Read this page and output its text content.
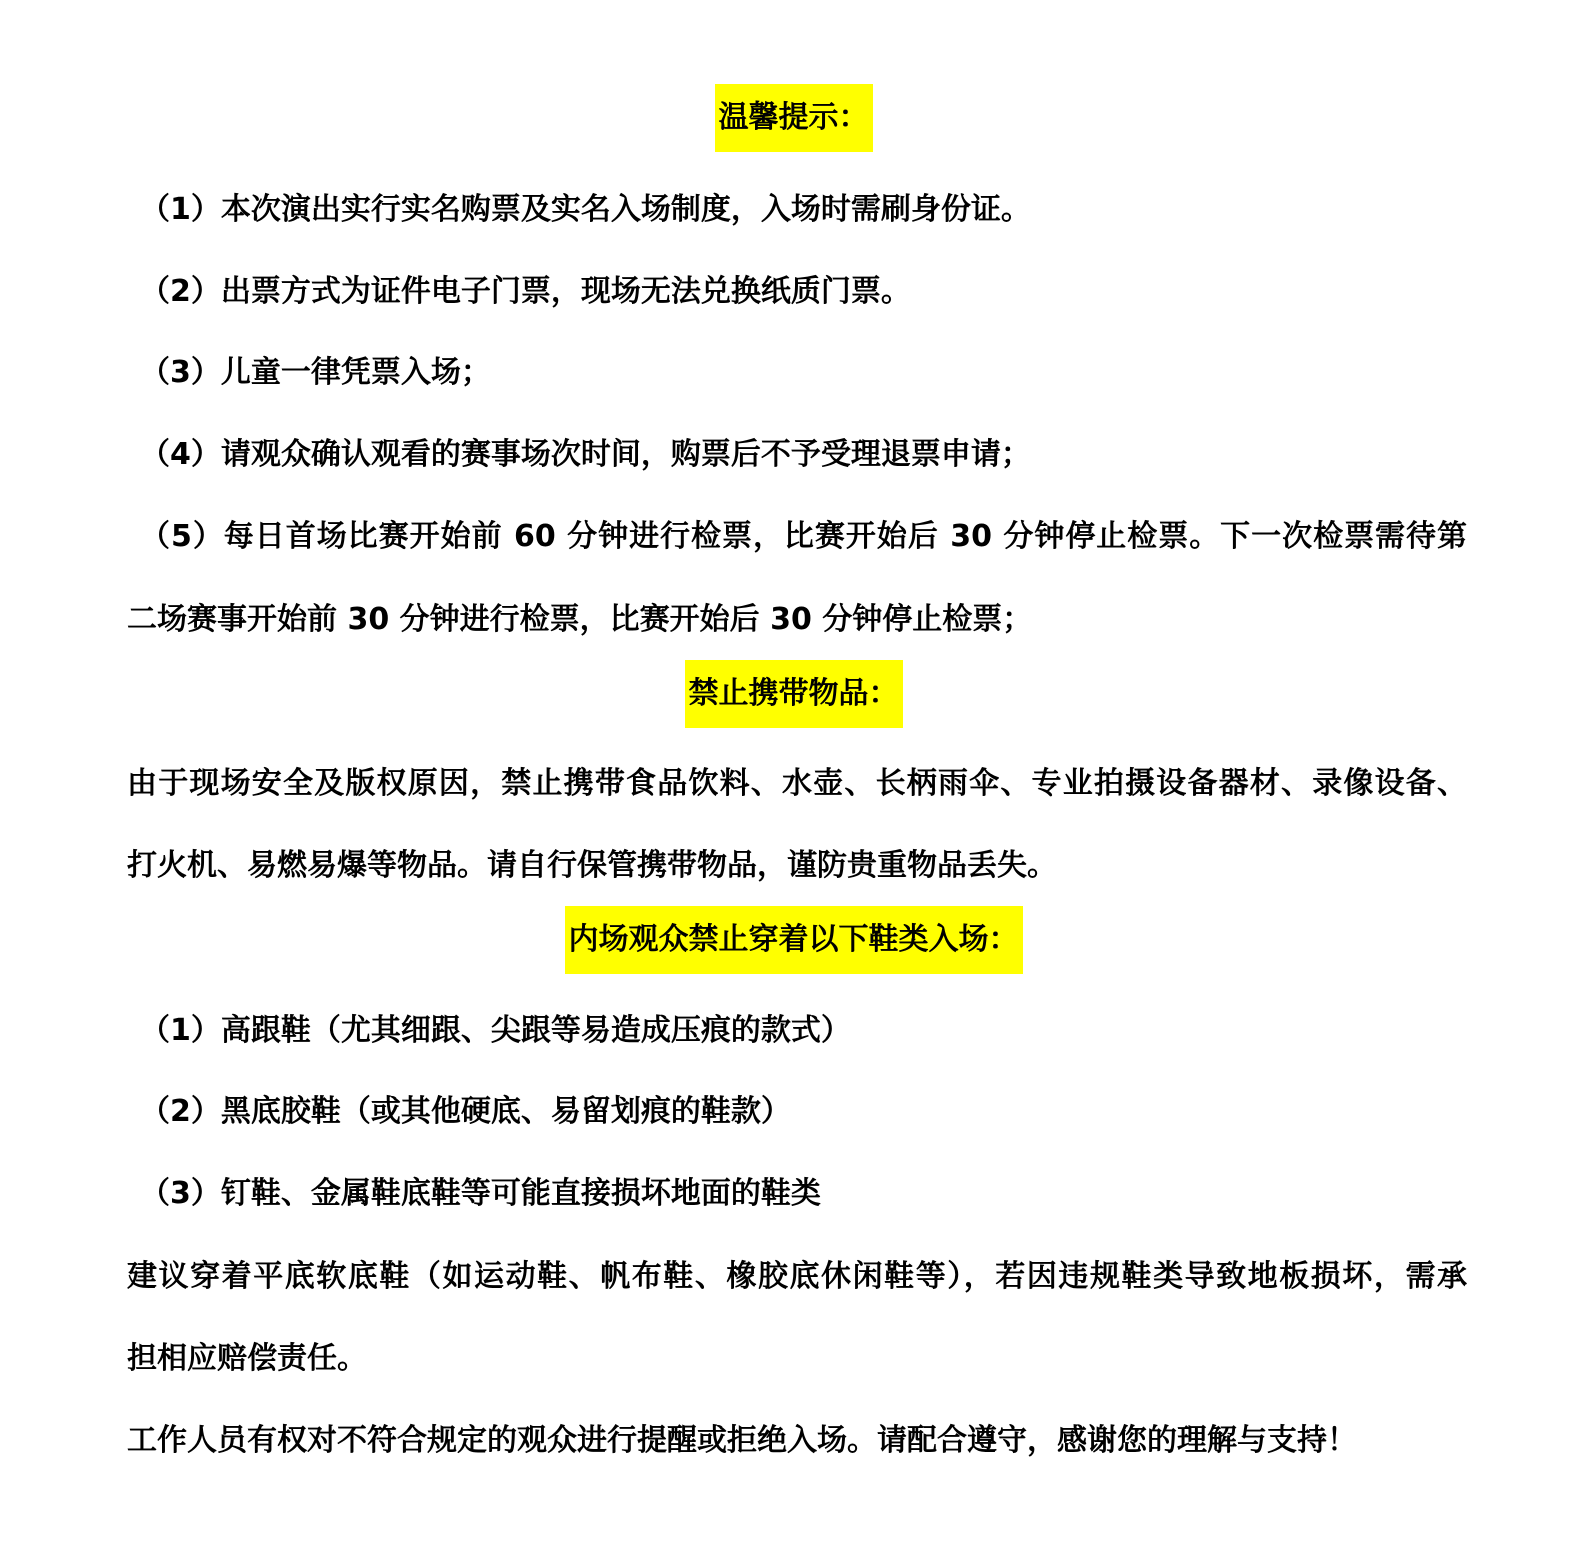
温馨提示：
（1）本次演出实行实名购票及实名入场制度，入场时需刷身份证。
（2）出票方式为证件电子门票，现场无法兑换纸质门票。
（3）儿童一律凭票入场；
（4）请观众确认观看的赛事场次时间，购票后不予受理退票申请；
（5）每日首场比赛开始前 60 分钟进行检票，比赛开始后 30 分钟停止检票。下一次检票需待第
二场赛事开始前 30 分钟进行检票，比赛开始后 30 分钟停止检票；
禁止携带物品：
由于现场安全及版权原因，禁止携带食品饮料、水壶、长柄雨伞、专业拍摄设备器材、录像设备、
打火机、易燃易爆等物品。请自行保管携带物品，谨防贵重物品丢失。
内场观众禁止穿着以下鞋类入场：
（1）高跟鞋（尤其细跟、尖跟等易造成压痕的款式）
（2）黑底胶鞋（或其他硬底、易留划痕的鞋款）
（3）钉鞋、金属鞋底鞋等可能直接损坏地面的鞋类
建议穿着平底软底鞋（如运动鞋、帆布鞋、橡胶底休闲鞋等），若因违规鞋类导致地板损坏，需承
担相应赔偿责任。
工作人员有权对不符合规定的观众进行提醒或拒绝入场。请配合遵守，感谢您的理解与支持！
